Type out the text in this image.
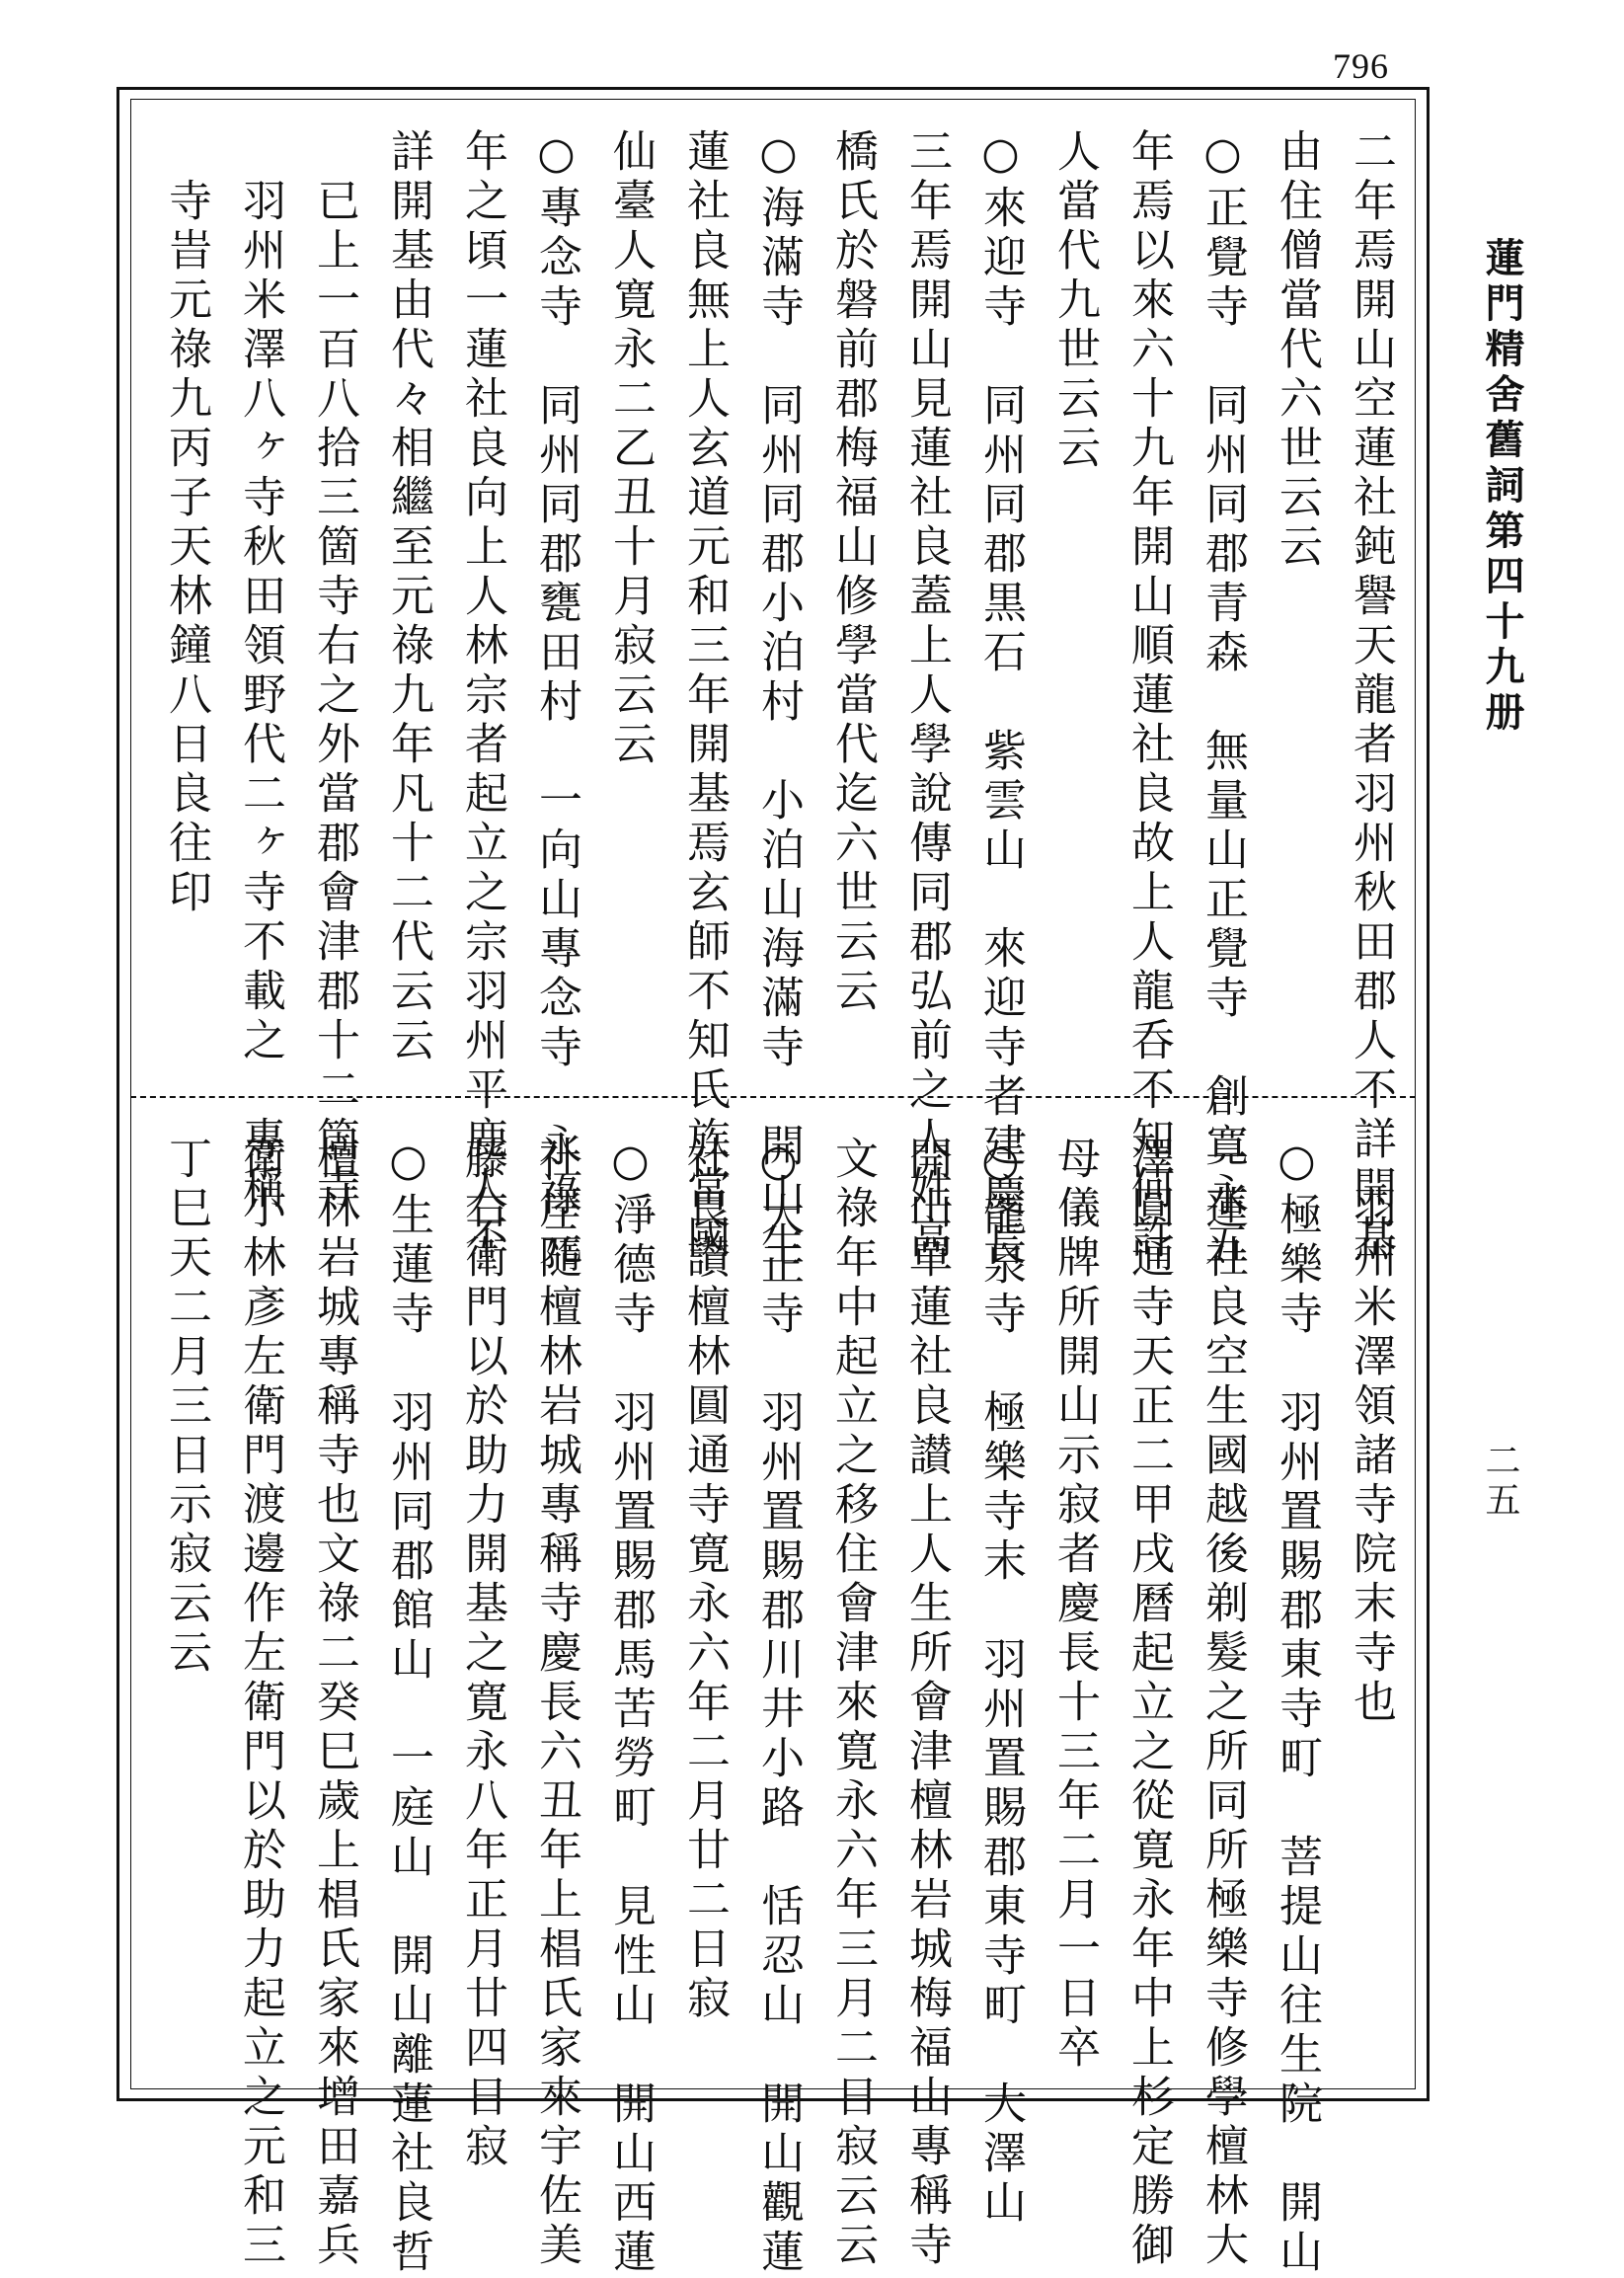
796
蓮門精舍舊詞第四十九册
二五
二年焉開山空蓮社鈍譽天龍者羽州秋田郡人不詳開基
由住僧當代六世云云
○正覺寺　同州同郡青森　無量山正覺寺　創寛永五
年焉以來六十九年開山順蓮社良故上人龍呑不知何許
人當代九世云云
○來迎寺　同州同郡黒石　紫雲山　來迎寺者建慶長
三年焉開山見蓮社良蓋上人學說傳同郡弘前之人姓高
橋氏於磐前郡梅福山修學當代迄六世云云
○海滿寺　同州同郡小泊村　小泊山海滿寺　開山生
蓮社良無上人玄道元和三年開基焉玄師不知氏族當國
仙臺人寛永二乙丑十月寂云云
○專念寺　同州同郡甕田村　一向山專念寺　永祿元
年之頃一蓮社良向上人林宗者起立之宗羽州平鹿人不
詳開基由代々相繼至元祿九年凡十二代云云
　已上一百八拾三箇寺右之外當郡會津郡十二箇寺
　羽州米澤八ヶ寺秋田領野代二ヶ寺不載之　專稱
　寺旹元祿九丙子天林鐘八日良往印
　羽州米澤領諸寺院末寺也
○極樂寺　羽州置賜郡東寺町　菩提山往生院　開山
一蓮社良空生國越後剃髮之所同所極樂寺修學檀林大
澤圓通寺天正二甲戌曆起立之從寛永年中上杉定勝御
母儀牌所開山示寂者慶長十三年二月一日卒
○龍泉寺　極樂寺末　羽州置賜郡東寺町　大澤山
開山單蓮社良讃上人生所會津檀林岩城梅福山專稱寺
文祿年中起立之移住會津來寛永六年三月二日寂云云
○大正寺　羽州置賜郡川井小路　恬忍山　開山觀蓮
社良讃檀林圓通寺寛永六年二月廿二日寂
○淨德寺　羽州置賜郡馬苦勞町　見性山　開山西蓮
社岸隨檀林岩城專稱寺慶長六丑年上椙氏家來宇佐美
藤右衛門以於助力開基之寛永八年正月廿四日寂
○生蓮寺　羽州同郡館山　一庭山　開山離蓮社良哲
檀林岩城專稱寺也文祿二癸巳歲上椙氏家來增田嘉兵
衛小林彥左衛門渡邊作左衛門以於助力起立之元和三
丁巳天二月三日示寂云云
